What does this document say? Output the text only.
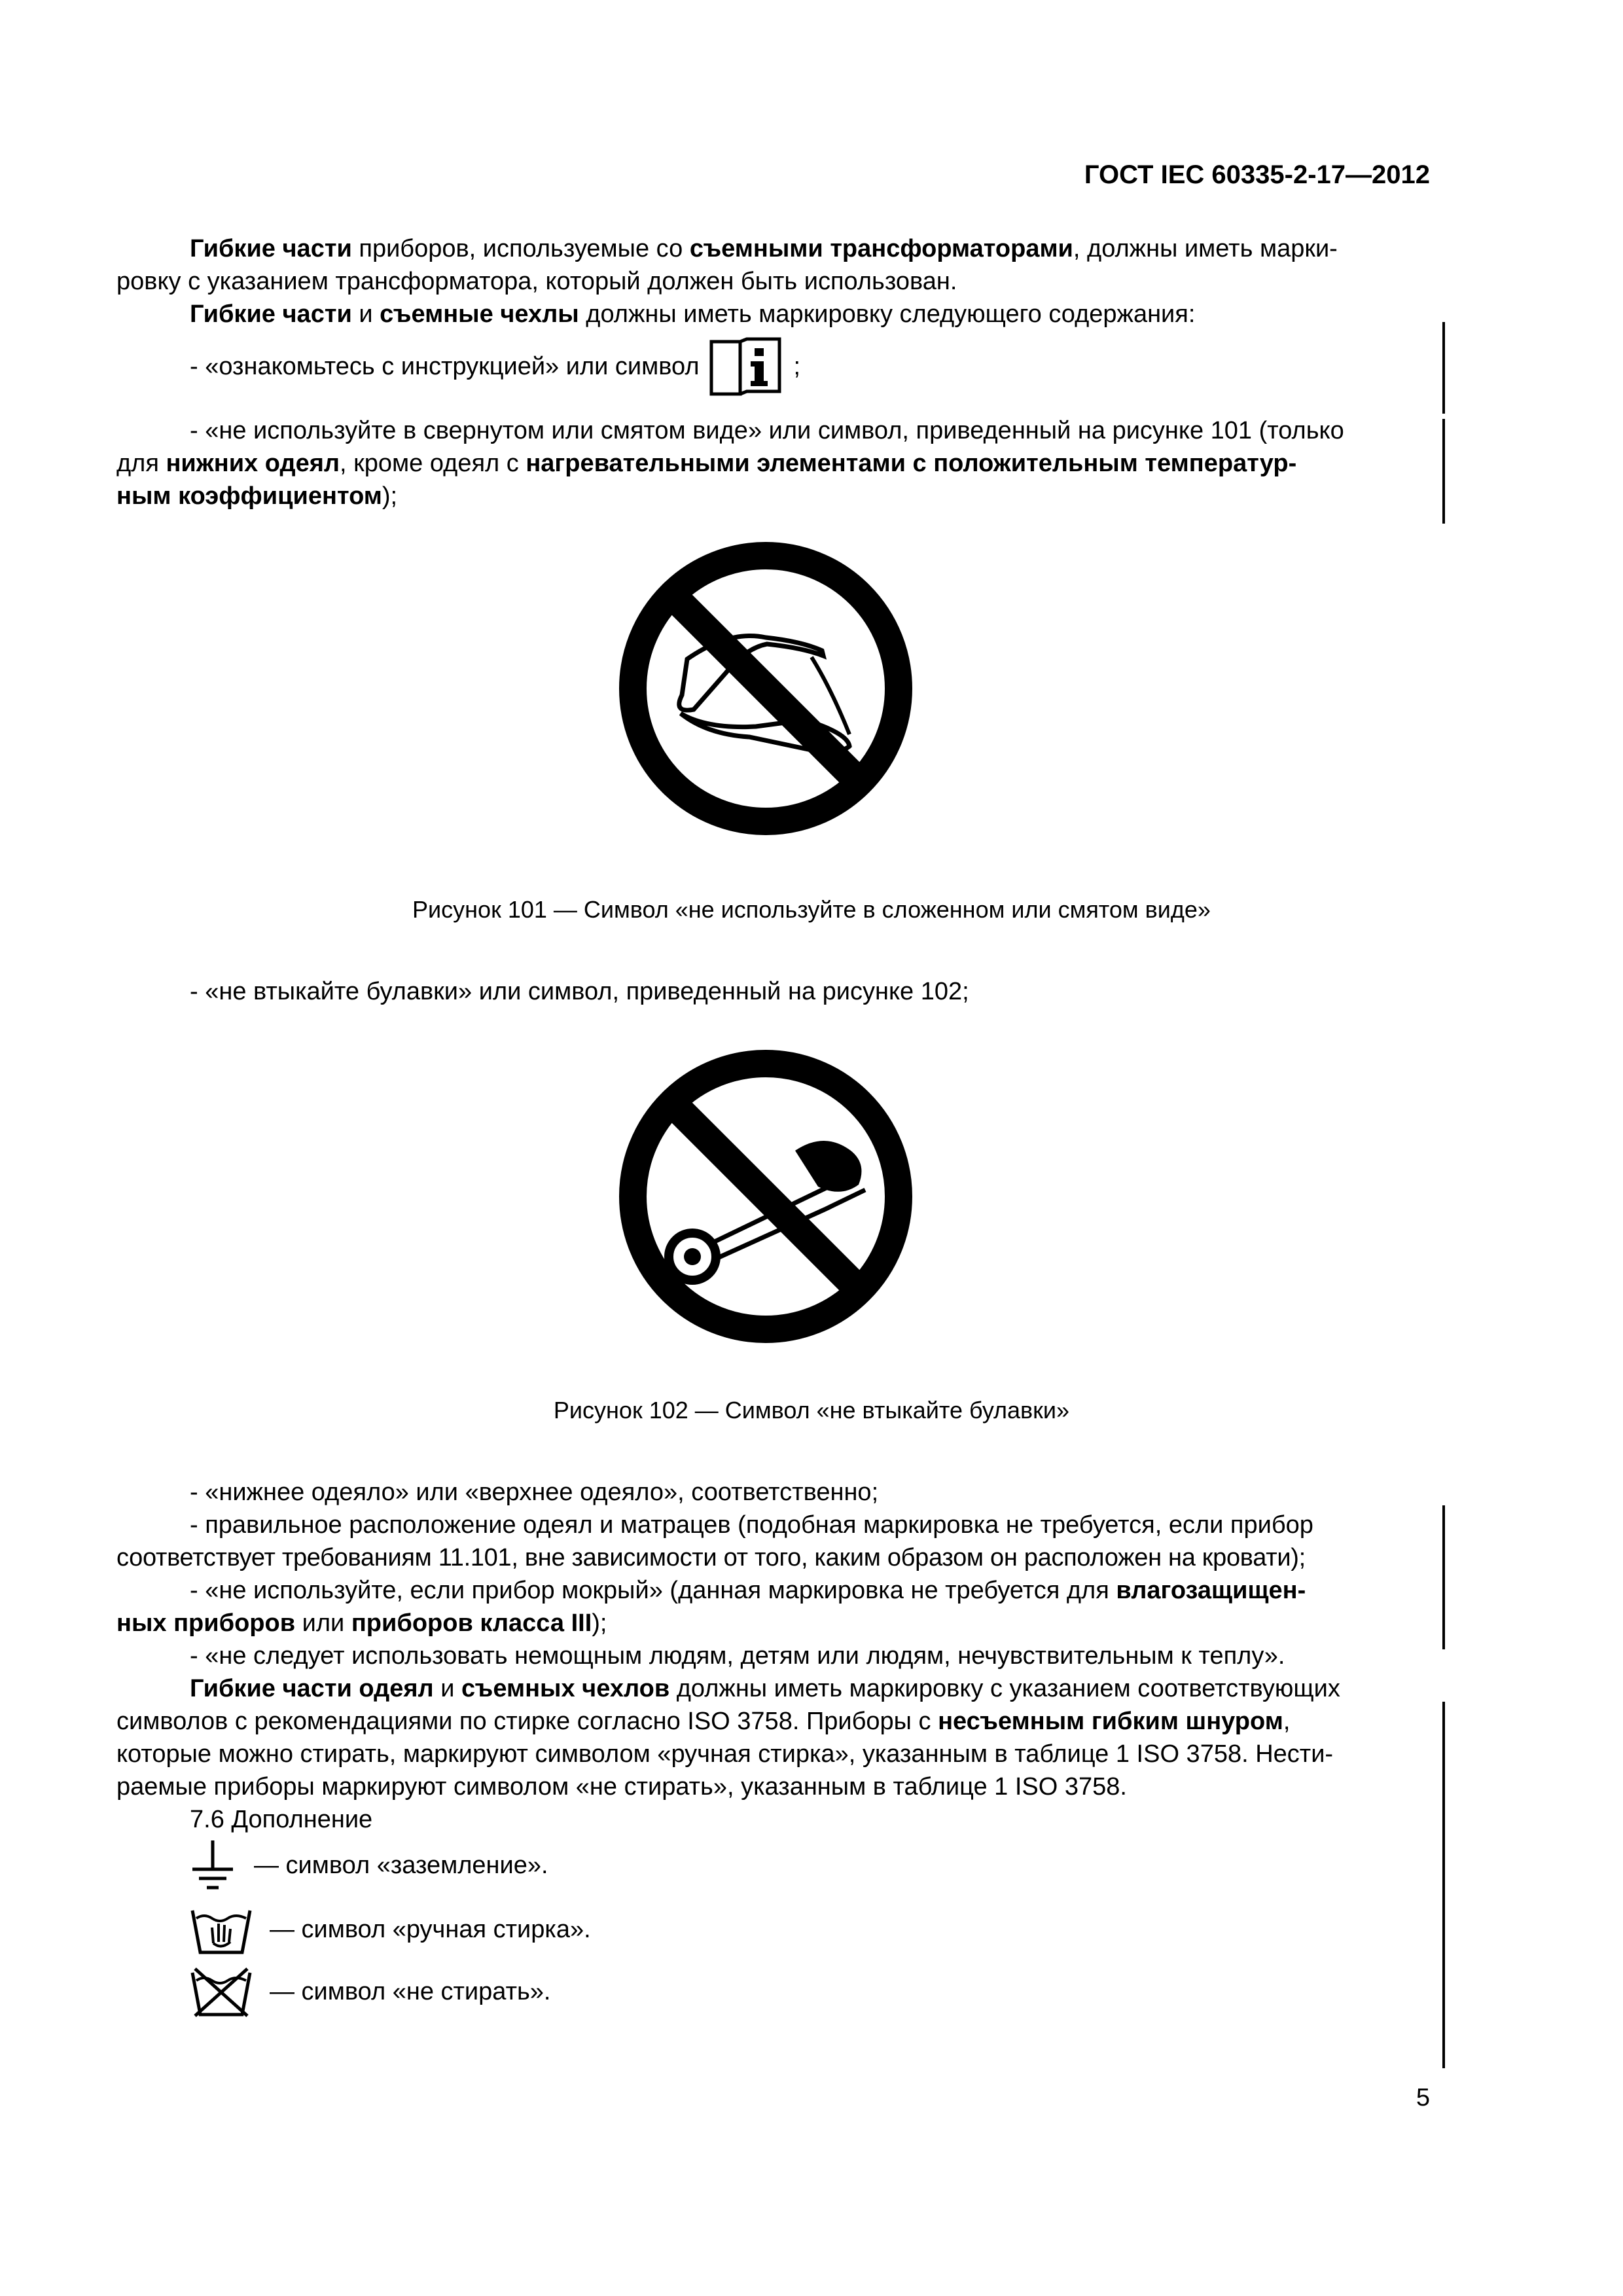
ГОСТ IEC 60335-2-17—2012
Гибкие части приборов, используемые со съемными трансформаторами, должны иметь марки-
ровку с указанием трансформатора, который должен быть использован.
Гибкие части и съемные чехлы должны иметь маркировку следующего содержания:
- «ознакомьтесь с инструкцией» или символ	;
- «не используйте в свернутом или смятом виде» или символ, приведенный на рисунке 101 (только
для нижних одеял, кроме одеял с нагревательными элементами с положительным температур-
ным коэффициентом);
Рисунок 101 — Символ «не используйте в сложенном или смятом виде»
- «не втыкайте булавки» или символ, приведенный на рисунке 102;
Рисунок 102 — Символ «не втыкайте булавки»
- «нижнее одеяло» или «верхнее одеяло», соответственно;
- правильное расположение одеял и матрацев (подобная маркировка не требуется, если прибор
соответствует требованиям 11.101, вне зависимости от того, каким образом он расположен на кровати);
- «не используйте, если прибор мокрый» (данная маркировка не требуется для влагозащищен-
ных приборов или приборов класса III);
- «не следует использовать немощным людям, детям или людям, нечувствительным к теплу».
Гибкие части одеял и съемных чехлов должны иметь маркировку с указанием соответствующих
символов с рекомендациями по стирке согласно ISO 3758. Приборы с несъемным гибким шнуром,
которые можно стирать, маркируют символом «ручная стирка», указанным в таблице 1 ISO 3758. Нести-
раемые приборы маркируют символом «не стирать», указанным в таблице 1 ISO 3758.
7.6 Дополнение
— символ «заземление».
— символ «ручная стирка».
— символ «не стирать».
5
